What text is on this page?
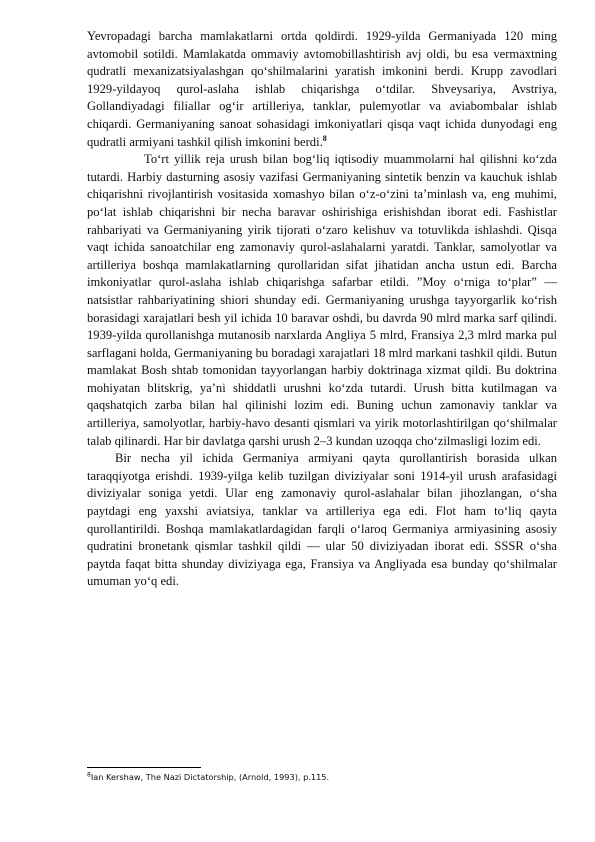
Yevropadagi barcha mamlakatlarni ortda qoldirdi. 1929-yilda Germaniyada 120 ming avtomobil sotildi. Mamlakatda ommaviy avtomobillashtirish avj oldi, bu esa vermaxtning qudratli mexanizatsiyalashgan qoʻshilmalarini yaratish imkonini berdi. Krupp zavodlari 1929-yildayoq qurol-aslaha ishlab chiqarishga oʻtdilar. Shveysariya, Avstriya, Gollandiyadagi filiallar ogʻir artilleriya, tanklar, pulemyotlar va aviabombalar ishlab chiqardi. Germaniyaning sanoat sohasidagi imkoniyatlari qisqa vaqt ichida dunyodagi eng qudratli armiyani tashkil qilish imkonini berdi.$^8$

Toʻrt yillik reja urush bilan bogʻliq iqtisodiy muammolarni hal qilishni koʻzda tutardi. Harbiy dasturning asosiy vazifasi Germaniyaning sintetik benzin va kauchuk ishlab chiqarishni rivojlantirish vositasida xomashyo bilan oʻz-oʻzini taʼminlash va, eng muhimi, poʻlat ishlab chiqarishni bir necha baravar oshirishiga erishishdan iborat edi. Fashistlar rahbariyati va Germaniyaning yirik tijorati oʻzaro kelishuv va totuvlikda ishlashdi. Qisqa vaqt ichida sanoatchilar eng zamonaviy qurol-aslahalarni yaratdi. Tanklar, samolyotlar va artilleriya boshqa mamlakatlarning qurollaridan sifat jihatidan ancha ustun edi. Barcha imkoniyatlar qurol-aslaha ishlab chiqarishga safarbar etildi. ”Moy oʻrniga toʻplar” — natsistlar rahbariyatining shiori shunday edi. Germaniyaning urushga tayyorgarlik koʻrish borasidagi xarajatlari besh yil ichida 10 baravar oshdi, bu davrda 90 mlrd marka sarf qilindi. 1939-yilda qurollanishga mutanosib narxlarda Angliya 5 mlrd, Fransiya 2,3 mlrd marka pul sarflagani holda, Germaniyaning bu boradagi xarajatlari 18 mlrd markani tashkil qildi. Butun mamlakat Bosh shtab tomonidan tayyorlangan harbiy doktrinaga xizmat qildi. Bu doktrina mohiyatan blitskrig, yaʼni shiddatli urushni koʻzda tutardi. Urush bitta kutilmagan va qaqshatqich zarba bilan hal qilinishi lozim edi. Buning uchun zamonaviy tanklar va artilleriya, samolyotlar, harbiy-havo desanti qismlari va yirik motorlashtirilgan qoʻshilmalar talab qilinardi. Har bir davlatga qarshi urush 2–3 kundan uzoqqa choʻzilmasligi lozim edi.

Bir necha yil ichida Germaniya armiyani qayta qurollantirish borasida ulkan taraqqiyotga erishdi. 1939-yilga kelib tuzilgan diviziyalar soni 1914-yil urush arafasidagi diviziyalar soniga yetdi. Ular eng zamonaviy qurol-aslahalar bilan jihozlangan, oʻsha paytdagi eng yaxshi aviatsiya, tanklar va artilleriya ega edi. Flot ham toʻliq qayta qurollantirildi. Boshqa mamlakatlardagidan farqli oʻlaroq Germaniya armiyasining asosiy qudratini bronetank qismlar tashkil qildi — ular 50 diviziyadan iborat edi. SSSR oʻsha paytda faqat bitta shunday diviziyaga ega, Fransiya va Angliyada esa bunday qoʻshilmalar umuman yoʻq edi.

$^8$Ian Kershaw, The Nazi Dictatorship, (Arnold, 1993), p.115.
